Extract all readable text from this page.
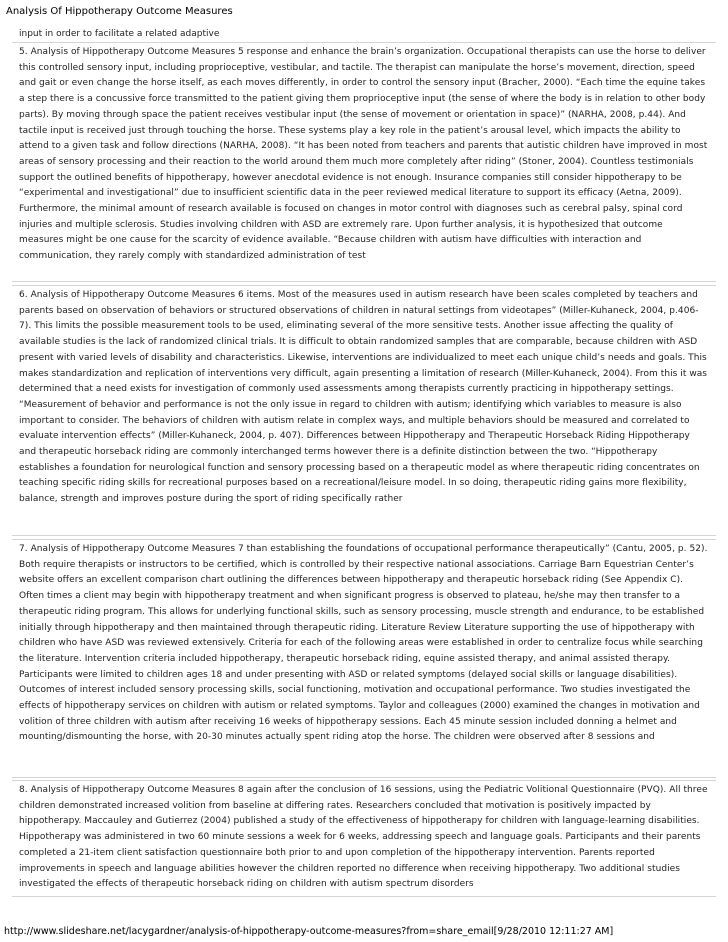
Analysis Of Hippotherapy Outcome Measures
input in order to facilitate a related adaptive

5. Analysis of Hippotherapy Outcome Measures 5 response and enhance the brain’s organization. Occupational therapists can use the horse to deliver this controlled sensory input, including proprioceptive, vestibular, and tactile. The therapist can manipulate the horse’s movement, direction, speed and gait or even change the horse itself, as each moves differently, in order to control the sensory input (Bracher, 2000). “Each time the equine takes a step there is a concussive force transmitted to the patient giving them proprioceptive input (the sense of where the body is in relation to other body parts). By moving through space the patient receives vestibular input (the sense of movement or orientation in space)” (NARHA, 2008, p.44). And tactile input is received just through touching the horse. These systems play a key role in the patient’s arousal level, which impacts the ability to attend to a given task and follow directions (NARHA, 2008). “It has been noted from teachers and parents that autistic children have improved in most areas of sensory processing and their reaction to the world around them much more completely after riding” (Stoner, 2004). Countless testimonials support the outlined benefits of hippotherapy, however anecdotal evidence is not enough. Insurance companies still consider hippotherapy to be “experimental and investigational” due to insufficient scientific data in the peer reviewed medical literature to support its efficacy (Aetna, 2009). Furthermore, the minimal amount of research available is focused on changes in motor control with diagnoses such as cerebral palsy, spinal cord injuries and multiple sclerosis. Studies involving children with ASD are extremely rare. Upon further analysis, it is hypothesized that outcome measures might be one cause for the scarcity of evidence available. “Because children with autism have difficulties with interaction and communication, they rarely comply with standardized administration of test

6. Analysis of Hippotherapy Outcome Measures 6 items. Most of the measures used in autism research have been scales completed by teachers and parents based on observation of behaviors or structured observations of children in natural settings from videotapes” (Miller-Kuhaneck, 2004, p.406-7). This limits the possible measurement tools to be used, eliminating several of the more sensitive tests. Another issue affecting the quality of available studies is the lack of randomized clinical trials. It is difficult to obtain randomized samples that are comparable, because children with ASD present with varied levels of disability and characteristics. Likewise, interventions are individualized to meet each unique child’s needs and goals. This makes standardization and replication of interventions very difficult, again presenting a limitation of research (Miller-Kuhaneck, 2004). From this it was determined that a need exists for investigation of commonly used assessments among therapists currently practicing in hippotherapy settings. “Measurement of behavior and performance is not the only issue in regard to children with autism; identifying which variables to measure is also important to consider. The behaviors of children with autism relate in complex ways, and multiple behaviors should be measured and correlated to evaluate intervention effects” (Miller-Kuhaneck, 2004, p. 407). Differences between Hippotherapy and Therapeutic Horseback Riding Hippotherapy and therapeutic horseback riding are commonly interchanged terms however there is a definite distinction between the two. “Hippotherapy establishes a foundation for neurological function and sensory processing based on a therapeutic model as where therapeutic riding concentrates on teaching specific riding skills for recreational purposes based on a recreational/leisure model. In so doing, therapeutic riding gains more flexibility, balance, strength and improves posture during the sport of riding specifically rather

7. Analysis of Hippotherapy Outcome Measures 7 than establishing the foundations of occupational performance therapeutically” (Cantu, 2005, p. 52). Both require therapists or instructors to be certified, which is controlled by their respective national associations. Carriage Barn Equestrian Center’s website offers an excellent comparison chart outlining the differences between hippotherapy and therapeutic horseback riding (See Appendix C). Often times a client may begin with hippotherapy treatment and when significant progress is observed to plateau, he/she may then transfer to a therapeutic riding program. This allows for underlying functional skills, such as sensory processing, muscle strength and endurance, to be established initially through hippotherapy and then maintained through therapeutic riding. Literature Review Literature supporting the use of hippotherapy with children who have ASD was reviewed extensively. Criteria for each of the following areas were established in order to centralize focus while searching the literature. Intervention criteria included hippotherapy, therapeutic horseback riding, equine assisted therapy, and animal assisted therapy. Participants were limited to children ages 18 and under presenting with ASD or related symptoms (delayed social skills or language disabilities). Outcomes of interest included sensory processing skills, social functioning, motivation and occupational performance. Two studies investigated the effects of hippotherapy services on children with autism or related symptoms. Taylor and colleagues (2000) examined the changes in motivation and volition of three children with autism after receiving 16 weeks of hippotherapy sessions. Each 45 minute session included donning a helmet and mounting/dismounting the horse, with 20-30 minutes actually spent riding atop the horse. The children were observed after 8 sessions and

8. Analysis of Hippotherapy Outcome Measures 8 again after the conclusion of 16 sessions, using the Pediatric Volitional Questionnaire (PVQ). All three children demonstrated increased volition from baseline at differing rates. Researchers concluded that motivation is positively impacted by hippotherapy. Maccauley and Gutierrez (2004) published a study of the effectiveness of hippotherapy for children with language-learning disabilities. Hippotherapy was administered in two 60 minute sessions a week for 6 weeks, addressing speech and language goals. Participants and their parents completed a 21-item client satisfaction questionnaire both prior to and upon completion of the hippotherapy intervention. Parents reported improvements in speech and language abilities however the children reported no difference when receiving hippotherapy. Two additional studies investigated the effects of therapeutic horseback riding on children with autism spectrum disorders

http://www.slideshare.net/lacygardner/analysis-of-hippotherapy-outcome-measures?from=share_email[9/28/2010 12:11:27 AM]
